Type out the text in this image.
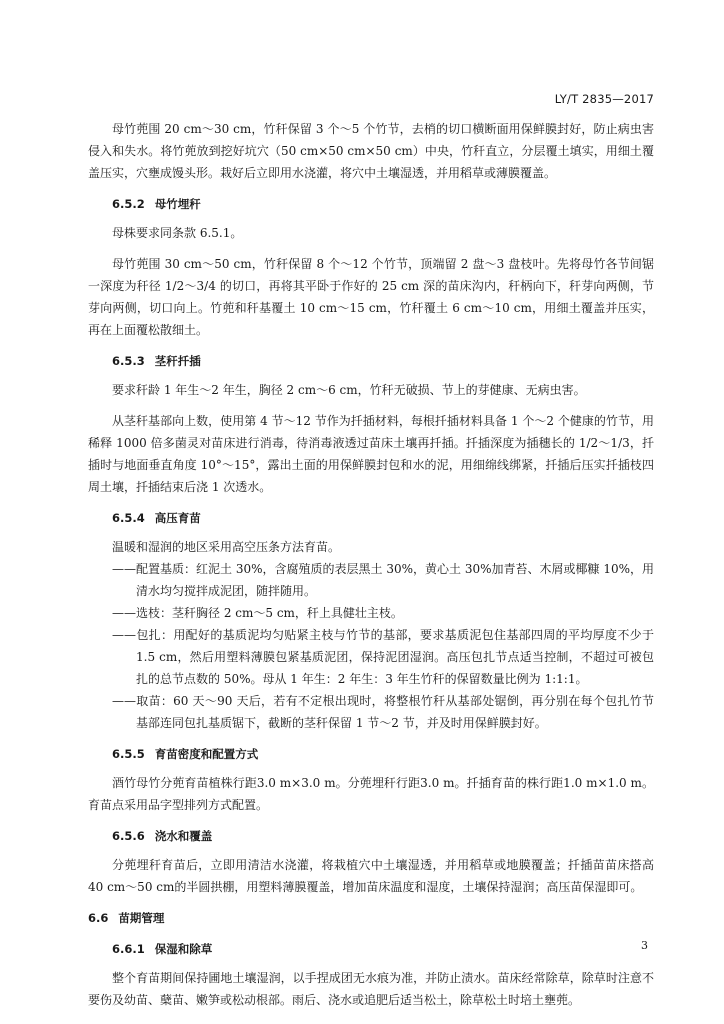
LY/T 2835—2017

母竹蔸围 20 cm～30 cm，竹秆保留 3 个～5 个竹节，去梢的切口横断面用保鲜膜封好，防止病虫害侵入和失水。将竹蔸放到挖好坑穴（50 cm×50 cm×50 cm）中央，竹秆直立，分层覆土填实，用细土覆盖压实，穴壅成馒头形。栽好后立即用水浇灌，将穴中土壤湿透，并用稻草或薄膜覆盖。

6.5.2 母竹埋秆

母株要求同条款 6.5.1。

母竹蔸围 30 cm～50 cm，竹秆保留 8 个～12 个竹节，顶端留 2 盘～3 盘枝叶。先将母竹各节间锯一深度为秆径 1/2～3/4 的切口，再将其平卧于作好的 25 cm 深的苗床沟内，秆柄向下，秆芽向两侧，节芽向两侧，切口向上。竹蔸和秆基覆土 10 cm～15 cm，竹秆覆土 6 cm～10 cm，用细土覆盖并压实，再在上面覆松散细土。

6.5.3 茎秆扦插

要求秆龄 1 年生～2 年生，胸径 2 cm～6 cm，竹秆无破损、节上的芽健康、无病虫害。

从茎秆基部向上数，使用第 4 节～12 节作为扦插材料，每根扦插材料具备 1 个～2 个健康的竹节，用稀释 1000 倍多菌灵对苗床进行消毒，待消毒液透过苗床土壤再扦插。扦插深度为插穗长的 1/2～1/3，扦插时与地面垂直角度 10°～15°，露出土面的用保鲜膜封包和水的泥，用细绵线绑紧，扦插后压实扦插枝四周土壤，扦插结束后浇 1 次透水。

6.5.4 高压育苗

温暖和湿润的地区采用高空压条方法育苗。

——配置基质：红泥土 30%，含腐殖质的表层黑土 30%，黄心土 30%加青苔、木屑或椰糠 10%，用清水均匀搅拌成泥团，随拌随用。

——选枝：茎秆胸径 2 cm～5 cm，秆上具健壮主枝。

——包扎：用配好的基质泥均匀贴紧主枝与竹节的基部，要求基质泥包住基部四周的平均厚度不少于 1.5 cm，然后用塑料薄膜包紧基质泥团，保持泥团湿润。高压包扎节点适当控制，不超过可被包扎的总节点数的 50%。母从 1 年生：2 年生：3 年生竹秆的保留数量比例为 1:1:1。

——取苗：60 天～90 天后，若有不定根出现时，将整根竹秆从基部处锯倒，再分别在每个包扎竹节基部连同包扎基质锯下，截断的茎秆保留 1 节～2 节，并及时用保鲜膜封好。

6.5.5 育苗密度和配置方式

酒竹母竹分蔸育苗植株行距3.0 m×3.0 m。分蔸埋秆行距3.0 m。扦插育苗的株行距1.0 m×1.0 m。育苗点采用品字型排列方式配置。

6.5.6 浇水和覆盖

分蔸埋秆育苗后，立即用清洁水浇灌，将栽植穴中土壤湿透，并用稻草或地膜覆盖；扦插苗苗床搭高40 cm～50 cm的半圆拱棚，用塑料薄膜覆盖，增加苗床温度和湿度，土壤保持湿润；高压苗保湿即可。

6.6 苗期管理
6.6.1 保湿和除草

整个育苗期间保持圃地土壤湿润，以手捏成团无水痕为准，并防止渍水。苗床经常除草，除草时注意不要伤及幼苗、蘖苗、嫩笋或松动根部。雨后、浇水或追肥后适当松土，除草松土时培土壅蔸。

3
